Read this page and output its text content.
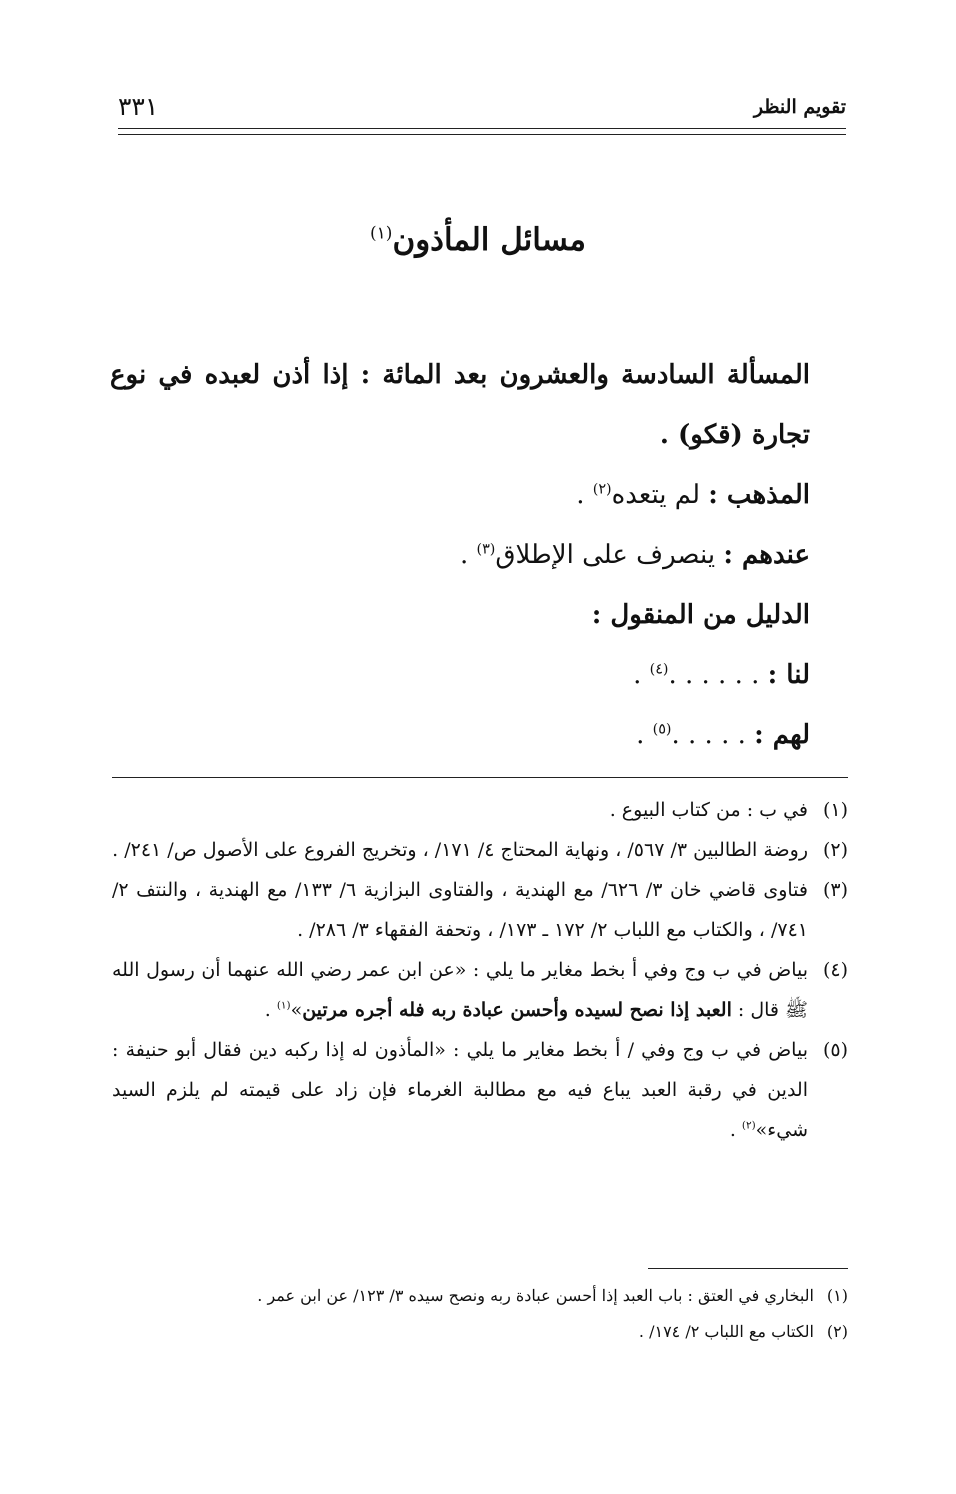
تقويم النظر
٣٣١
مسائل المأذون$^{(١)}$
المسألة السادسة والعشرون بعد المائة : إذا أذن لعبده في نوع تجارة (قكو) .
المذهب : لم يتعده$^{(٢)}$ .
عندهم : ينصرف على الإطلاق$^{(٣)}$ .
الدليل من المنقول :
لنا : . . . . . .$^{(٤)}$ .
لهم : . . . . .$^{(٥)}$ .
(١)
في ب : من كتاب البيوع .
(٢)
روضة الطالبين ٣/ ٥٦٧/ ، ونهاية المحتاج ٤/ ١٧١/ ، وتخريج الفروع على الأصول ص/ ٢٤١/ .
(٣)
فتاوى قاضي خان ٣/ ٦٢٦/ مع الهندية ، والفتاوى البزازية ٦/ ١٣٣/ مع الهندية ، والنتف ٢/ ٧٤١/ ، والكتاب مع اللباب ٢/ ١٧٢ ـ ١٧٣/ ، وتحفة الفقهاء ٣/ ٢٨٦/ .
(٤)
بياض في ب وج وفي أ بخط مغاير ما يلي : «عن ابن عمر رضي الله عنهما أن رسول الله ﷺ قال : العبد إذا نصح لسيده وأحسن عبادة ربه فله أجره مرتين»$^{(١)}$ .
(٥)
بياض في ب وج وفي / أ بخط مغاير ما يلي : «المأذون له إذا ركبه دين فقال أبو حنيفة : الدين في رقبة العبد يباع فيه مع مطالبة الغرماء فإن زاد على قيمته لم يلزم السيد شيء»$^{(٢)}$ .
(١)
البخاري في العتق : باب العبد إذا أحسن عبادة ربه ونصح سيده ٣/ ١٢٣/ عن ابن عمر .
(٢)
الكتاب مع اللباب ٢/ ١٧٤/ .
